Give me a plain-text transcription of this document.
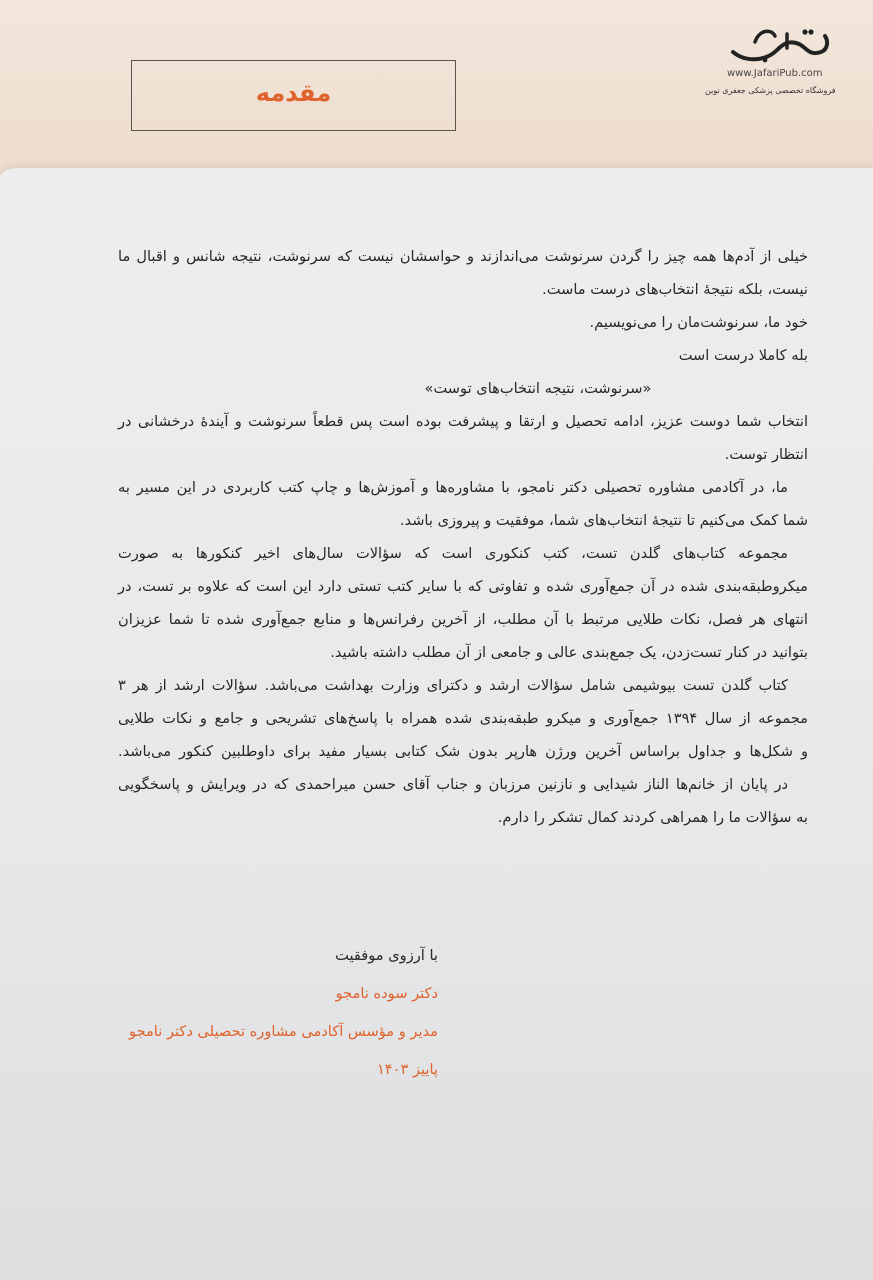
مقدمه
www.JafariPub.com
فروشگاه تخصصی پزشکی جعفری نوین
خیلی از آدم‌ها همه چیز را گردن سرنوشت می‌اندازند و حواسشان نیست که سرنوشت، نتیجه شانس و اقبال ما
نیست، بلکه نتیجهٔ انتخاب‌های درست ماست.
خود ما، سرنوشت‌مان را می‌نویسیم.
بله کاملا درست است
«سرنوشت، نتیجه انتخاب‌های توست»
انتخاب شما دوست عزیز، ادامه تحصیل و ارتقا و پیشرفت بوده است پس قطعاً سرنوشت و آیندهٔ درخشانی در
انتظار توست.
ما، در آکادمی مشاوره تحصیلی دکتر نامجو، با مشاوره‌ها و آموزش‌ها و چاپ کتب کاربردی در این مسیر به
شما کمک می‌کنیم تا نتیجهٔ انتخاب‌های شما، موفقیت و پیروزی باشد.
مجموعه کتاب‌های گلدن تست، کتب کنکوری است که سؤالات سال‌های اخیر کنکورها به صورت
میکروطبقه‌بندی شده در آن جمع‌آوری شده و تفاوتی که با سایر کتب تستی دارد این است که علاوه بر تست، در
انتهای هر فصل، نکات طلایی مرتبط با آن مطلب، از آخرین رفرانس‌ها و منابع جمع‌آوری شده تا شما عزیزان
بتوانید در کنار تست‌زدن، یک جمع‌بندی عالی و جامعی از آن مطلب داشته باشید.
کتاب گلدن تست بیوشیمی شامل سؤالات ارشد و دکترای وزارت بهداشت می‌باشد. سؤالات ارشد از هر ۳
مجموعه از سال ۱۳۹۴ جمع‌آوری و میکرو طبقه‌بندی شده همراه با پاسخ‌های تشریحی و جامع و نکات طلایی
و شکل‌ها و جداول براساس آخرین ورژن هارپر بدون شک کتابی بسیار مفید برای داوطلبین کنکور می‌باشد.
در پایان از خانم‌ها الناز شیدایی و نازنین مرزبان و جناب آقای حسن میراحمدی که در ویرایش و پاسخگویی
به سؤالات ما را همراهی کردند کمال تشکر را دارم.
با آرزوی موفقیت
دکتر سوده نامجو
مدیر و مؤسس آکادمی مشاوره تحصیلی دکتر نامجو
پاییز ۱۴۰۳
